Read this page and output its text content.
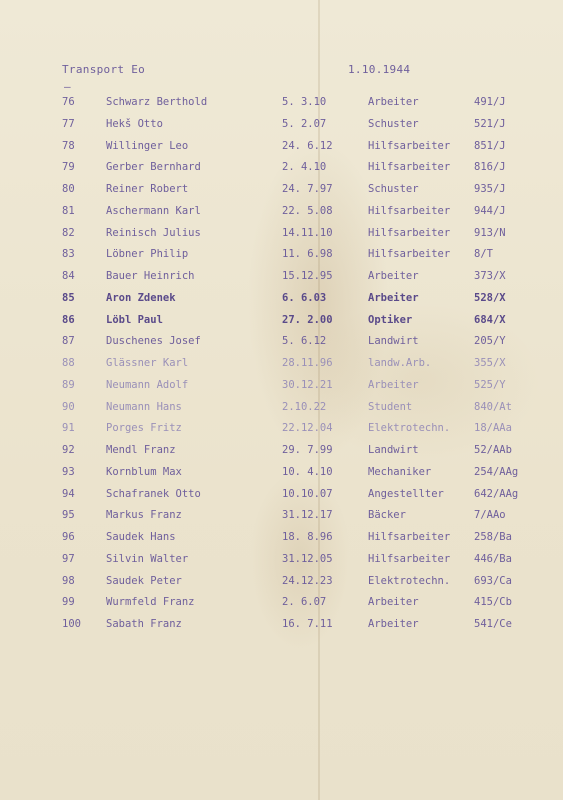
Transport Eo	1.10.1944
–
76	Schwarz Berthold	5. 3.10	Arbeiter	491/J
77	Hekš Otto	5. 2.07	Schuster	521/J
78	Willinger Leo	24. 6.12	Hilfsarbeiter 851/J
79	Gerber Bernhard	2. 4.10	Hilfsarbeiter 816/J
80	Reiner Robert	24. 7.97	Schuster	935/J
81	Aschermann Karl	22. 5.08	Hilfsarbeiter 944/J
82	Reinisch Julius	14.11.10	Hilfsarbeiter 913/N
83	Löbner Philip	11. 6.98	Hilfsarbeiter 8/T
84	Bauer Heinrich	15.12.95	Arbeiter	373/X
85	Aron Zdenek	6. 6.03	Arbeiter	528/X
86	Löbl Paul	27. 2.00	Optiker	684/X
87	Duschenes Josef	5. 6.12	Landwirt	205/Y
88	Glässner Karl	28.11.96	landw.Arb.	355/X
89	Neumann Adolf	30.12.21	Arbeiter	525/Y
90	Neumann Hans	2.10.22	Student	840/At
91	Porges Fritz	22.12.04	Elektrotechn. 18/AAa
92	Mendl Franz	29. 7.99	Landwirt	52/AAb
93	Kornblum Max	10. 4.10	Mechaniker	254/AAg
94	Schafranek Otto	10.10.07	Angestellter	642/AAg
95	Markus Franz	31.12.17	Bäcker	7/AAo
96	Saudek Hans	18. 8.96	Hilfsarbeiter 258/Ba
97	Silvin Walter	31.12.05	Hilfsarbeiter 446/Ba
98	Saudek Peter	24.12.23	Elektrotechn. 693/Ca
99	Wurmfeld Franz	2. 6.07	Arbeiter	415/Cb
100	Sabath Franz	16. 7.11	Arbeiter	541/Ce
